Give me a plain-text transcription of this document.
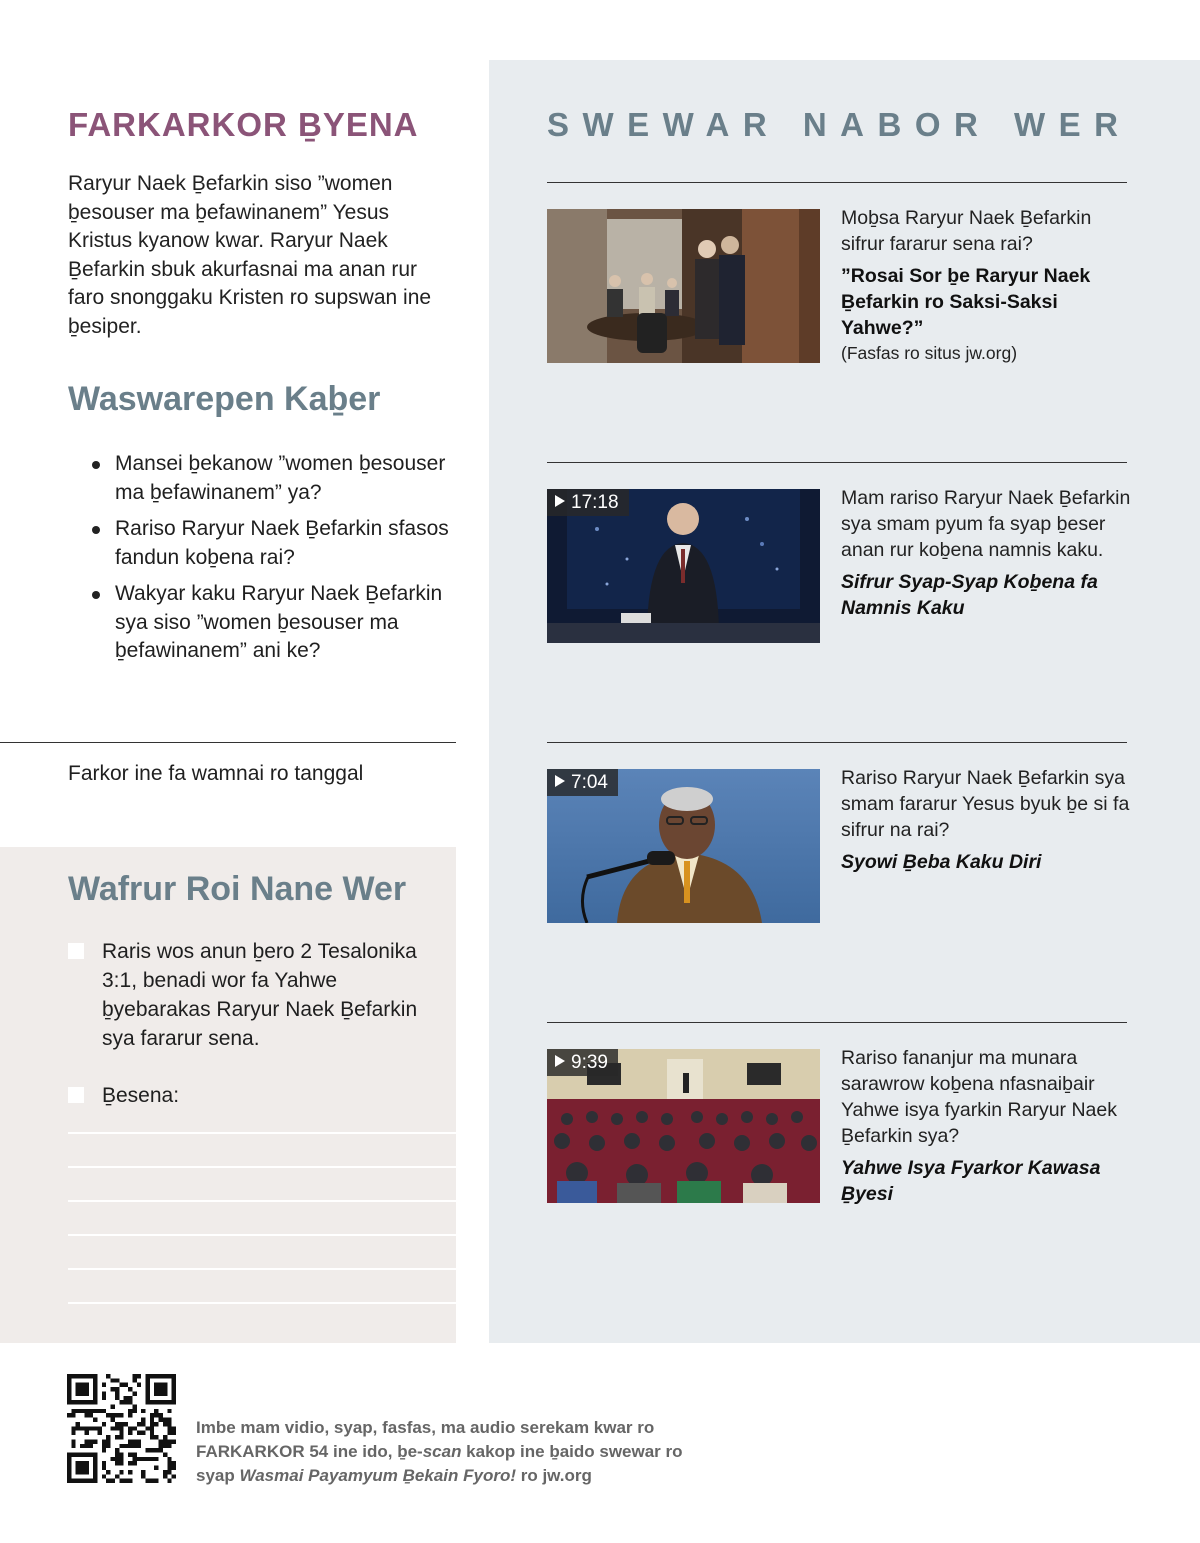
FARKARKOR ḆYENA

Raryur Naek Ḇefarkin siso ”women ḇesouser ma ḇefawinanem” Yesus Kristus kyanow kwar. Raryur Naek Ḇefarkin sbuk akurfasnai ma anan rur faro snonggaku Kristen ro supswan ine ḇesiper.

Waswarepen Kaḇer
Mansei ḇekanow ”women ḇesouser ma ḇefawinanem” ya?
Rariso Raryur Naek Ḇefarkin sfasos fandun koḇena rai?
Wakyar kaku Raryur Naek Ḇefarkin sya siso ”women ḇesouser ma ḇefawinanem” ani ke?

Farkor ine fa wamnai ro tanggal

Wafrur Roi Nane Wer
Raris wos anun ḇero 2 Tesalonika 3:1, benadi wor fa Yahwe ḇyebarakas Raryur Naek Ḇefarkin sya fararur sena.
Ḇesena:
SWEWAR NABOR WER

Moḇsa Raryur Naek Ḇefarkin sifrur fararur sena rai?

”Rosai Sor ḇe Raryur Naek Ḇefarkin ro Saksi-Saksi Yahwe?”

(Fasfas ro situs jw.org)

17:18	Mam rariso Raryur Naek Ḇefarkin sya smam pyum fa syap ḇeser anan rur koḇena namnis kaku.

Sifrur Syap-Syap Koḇena fa Namnis Kaku

7:04	Rariso Raryur Naek Ḇefarkin sya smam fararur Yesus byuk ḇe si fa sifrur na rai?

Syowi Ḇeba Kaku Diri

9:39	Rariso fananjur ma munara sarawrow koḇena nfasnaiḇair Yahwe isya fyarkin Raryur Naek Ḇefarkin sya?

Yahwe Isya Fyarkor Kawasa Ḇyesi

Imbe mam vidio, syap, fasfas, ma audio serekam kwar ro FARKARKOR 54 ine ido, ḇe-scan kakop ine ḇaido swewar ro syap Wasmai Payamyum Ḇekain Fyoro! ro jw.org
